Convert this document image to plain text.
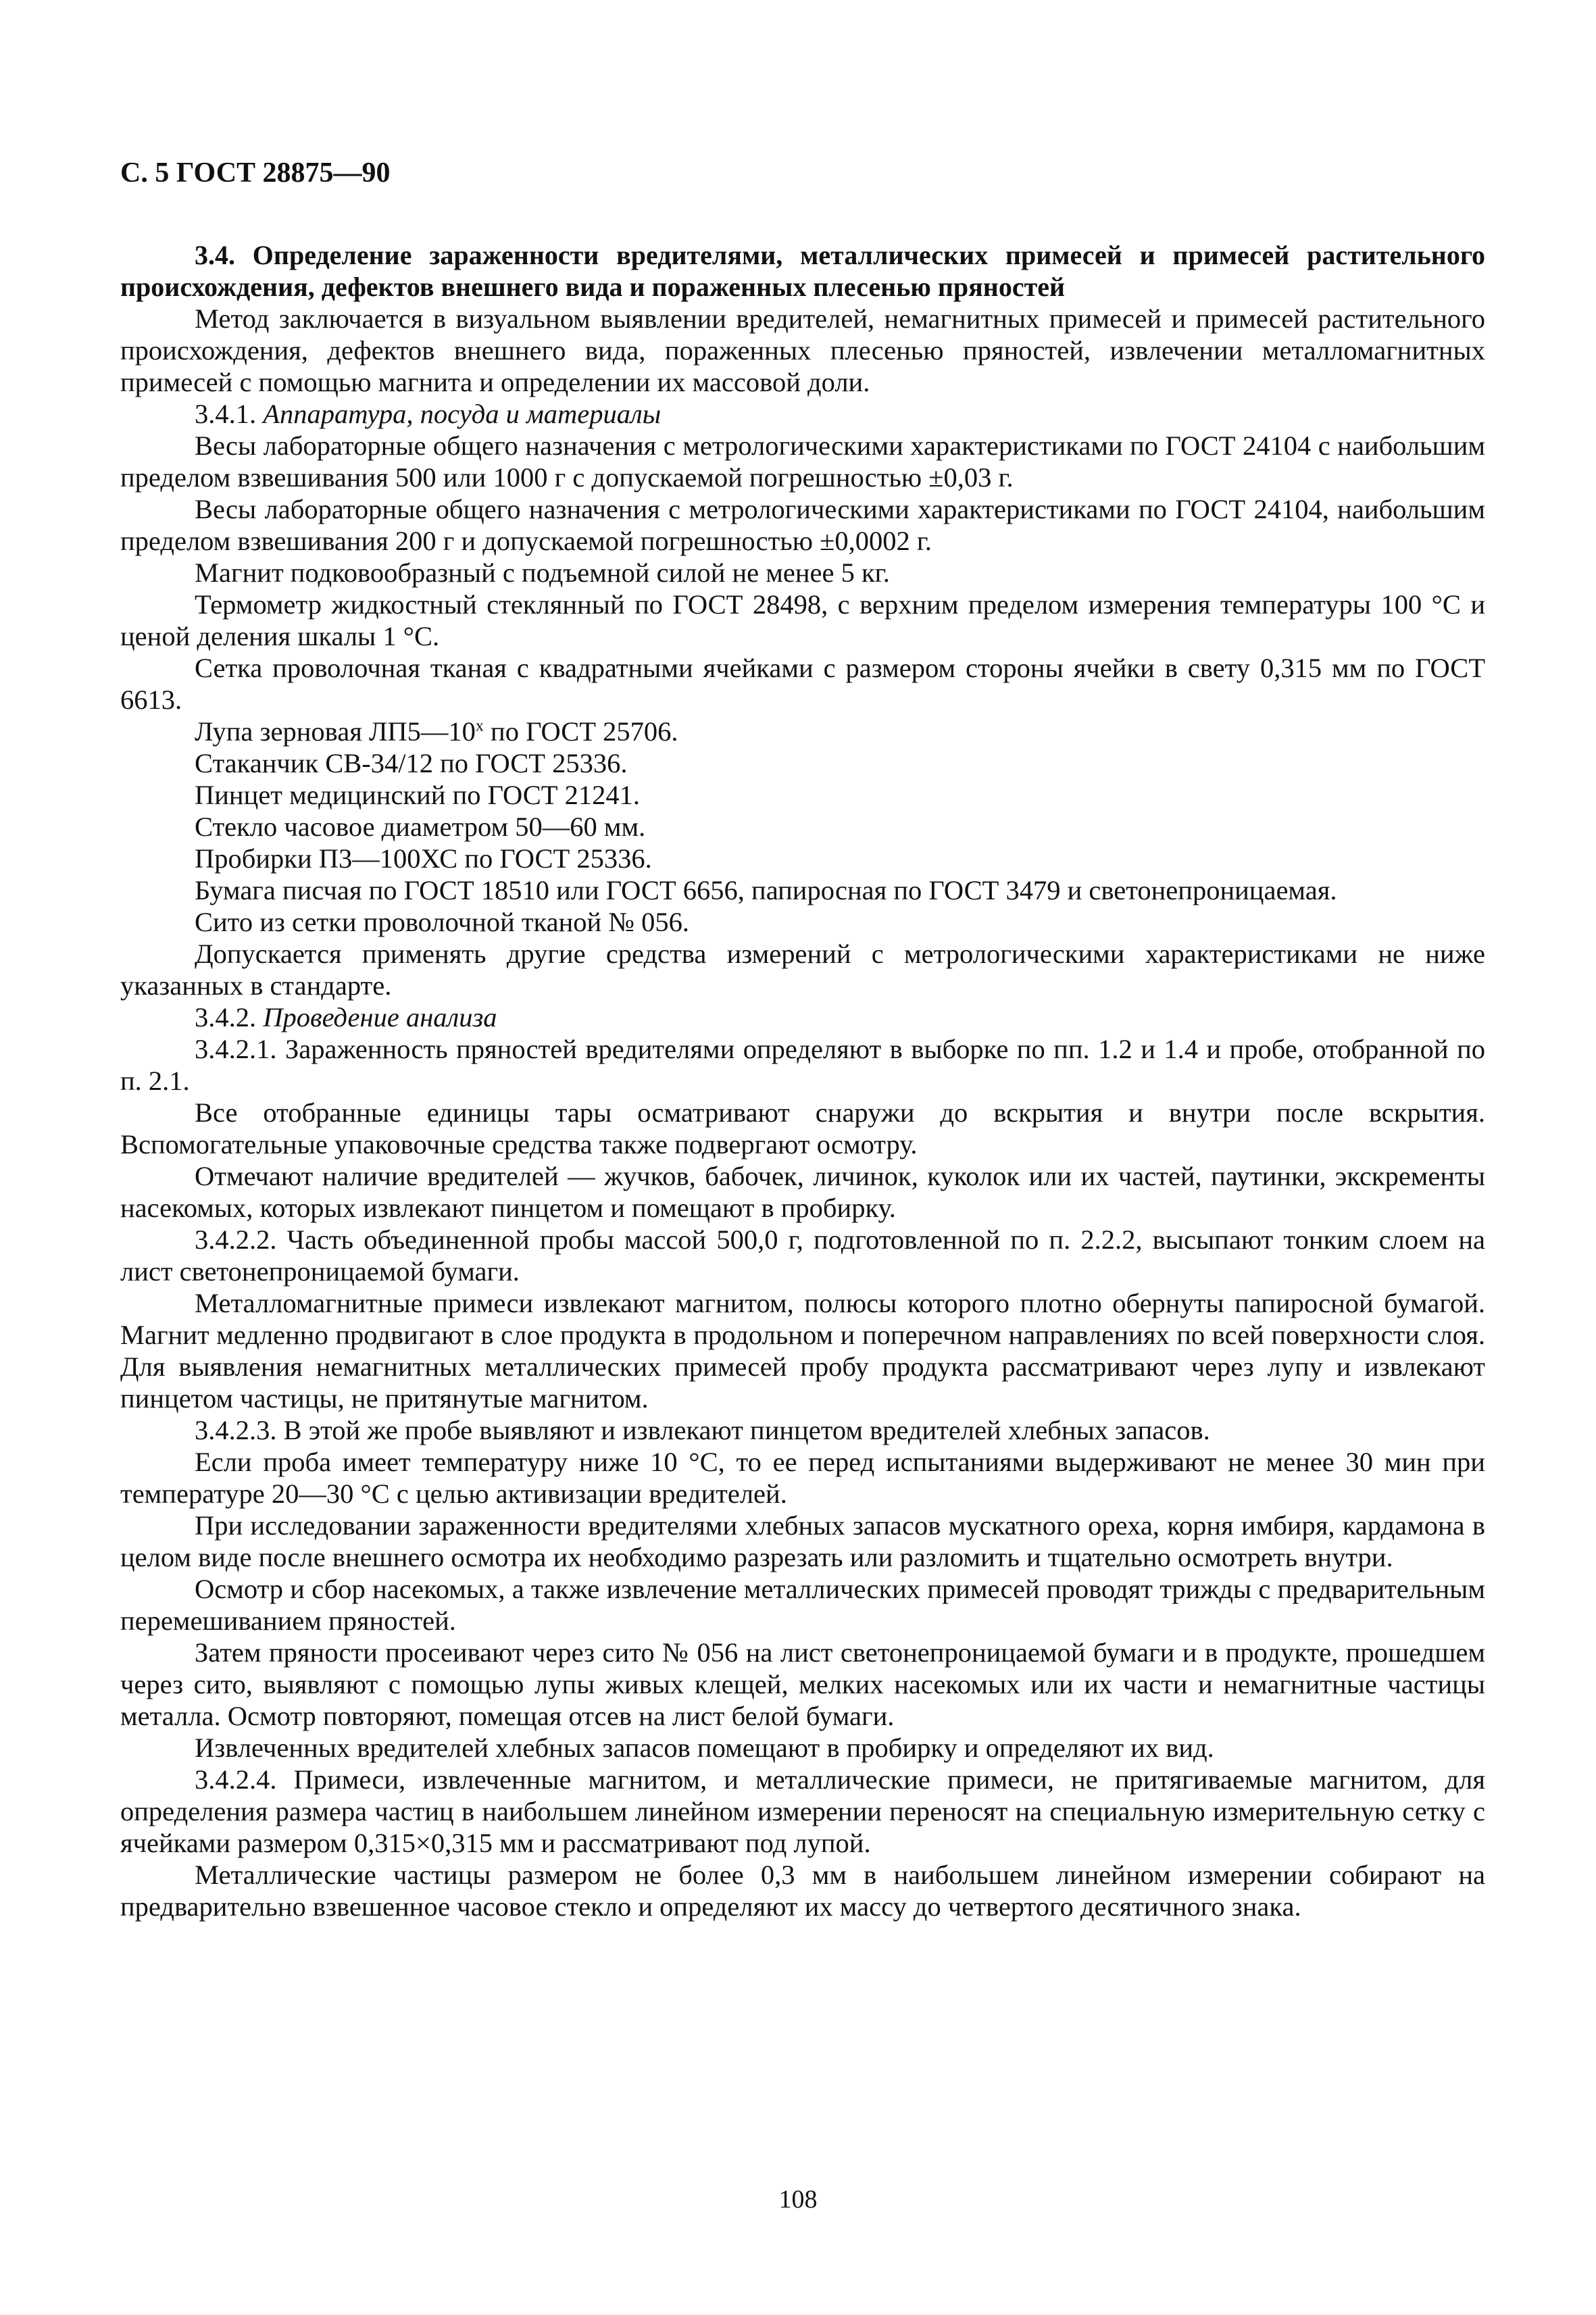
С. 5 ГОСТ 28875—90

3.4. Определение зараженности вредителями, металлических примесей и примесей растительного происхождения, дефектов внешнего вида и пораженных плесенью пряностей

Метод заключается в визуальном выявлении вредителей, немагнитных примесей и примесей растительного происхождения, дефектов внешнего вида, пораженных плесенью пряностей, извлечении металломагнитных примесей с помощью магнита и определении их массовой доли.

3.4.1. Аппаратура, посуда и материалы

Весы лабораторные общего назначения с метрологическими характеристиками по ГОСТ 24104 с наибольшим пределом взвешивания 500 или 1000 г с допускаемой погрешностью ±0,03 г.

Весы лабораторные общего назначения с метрологическими характеристиками по ГОСТ 24104, наибольшим пределом взвешивания 200 г и допускаемой погрешностью ±0,0002 г.

Магнит подковообразный с подъемной силой не менее 5 кг.

Термометр жидкостный стеклянный по ГОСТ 28498, с верхним пределом измерения температуры 100 °С и ценой деления шкалы 1 °С.

Сетка проволочная тканая с квадратными ячейками с размером стороны ячейки в свету 0,315 мм по ГОСТ 6613.

Лупа зерновая ЛП5—10$^x$ по ГОСТ 25706.

Стаканчик СВ-34/12 по ГОСТ 25336.

Пинцет медицинский по ГОСТ 21241.

Стекло часовое диаметром 50—60 мм.

Пробирки П3—100ХС по ГОСТ 25336.

Бумага писчая по ГОСТ 18510 или ГОСТ 6656, папиросная по ГОСТ 3479 и светонепроницаемая.

Сито из сетки проволочной тканой № 056.

Допускается применять другие средства измерений с метрологическими характеристиками не ниже указанных в стандарте.

3.4.2. Проведение анализа

3.4.2.1. Зараженность пряностей вредителями определяют в выборке по пп. 1.2 и 1.4 и пробе, отобранной по п. 2.1.

Все отобранные единицы тары осматривают снаружи до вскрытия и внутри после вскрытия. Вспомогательные упаковочные средства также подвергают осмотру.

Отмечают наличие вредителей — жучков, бабочек, личинок, куколок или их частей, паутинки, экскременты насекомых, которых извлекают пинцетом и помещают в пробирку.

3.4.2.2. Часть объединенной пробы массой 500,0 г, подготовленной по п. 2.2.2, высыпают тонким слоем на лист светонепроницаемой бумаги.

Металломагнитные примеси извлекают магнитом, полюсы которого плотно обернуты папиросной бумагой. Магнит медленно продвигают в слое продукта в продольном и поперечном направлениях по всей поверхности слоя. Для выявления немагнитных металлических примесей пробу продукта рассматривают через лупу и извлекают пинцетом частицы, не притянутые магнитом.

3.4.2.3. В этой же пробе выявляют и извлекают пинцетом вредителей хлебных запасов.

Если проба имеет температуру ниже 10 °С, то ее перед испытаниями выдерживают не менее 30 мин при температуре 20—30 °С с целью активизации вредителей.

При исследовании зараженности вредителями хлебных запасов мускатного ореха, корня имбиря, кардамона в целом виде после внешнего осмотра их необходимо разрезать или разломить и тщательно осмотреть внутри.

Осмотр и сбор насекомых, а также извлечение металлических примесей проводят трижды с предварительным перемешиванием пряностей.

Затем пряности просеивают через сито № 056 на лист светонепроницаемой бумаги и в продукте, прошедшем через сито, выявляют с помощью лупы живых клещей, мелких насекомых или их части и немагнитные частицы металла. Осмотр повторяют, помещая отсев на лист белой бумаги.

Извлеченных вредителей хлебных запасов помещают в пробирку и определяют их вид.

3.4.2.4. Примеси, извлеченные магнитом, и металлические примеси, не притягиваемые магнитом, для определения размера частиц в наибольшем линейном измерении переносят на специальную измерительную сетку с ячейками размером 0,315×0,315 мм и рассматривают под лупой.

Металлические частицы размером не более 0,3 мм в наибольшем линейном измерении собирают на предварительно взвешенное часовое стекло и определяют их массу до четвертого десятичного знака.

108
